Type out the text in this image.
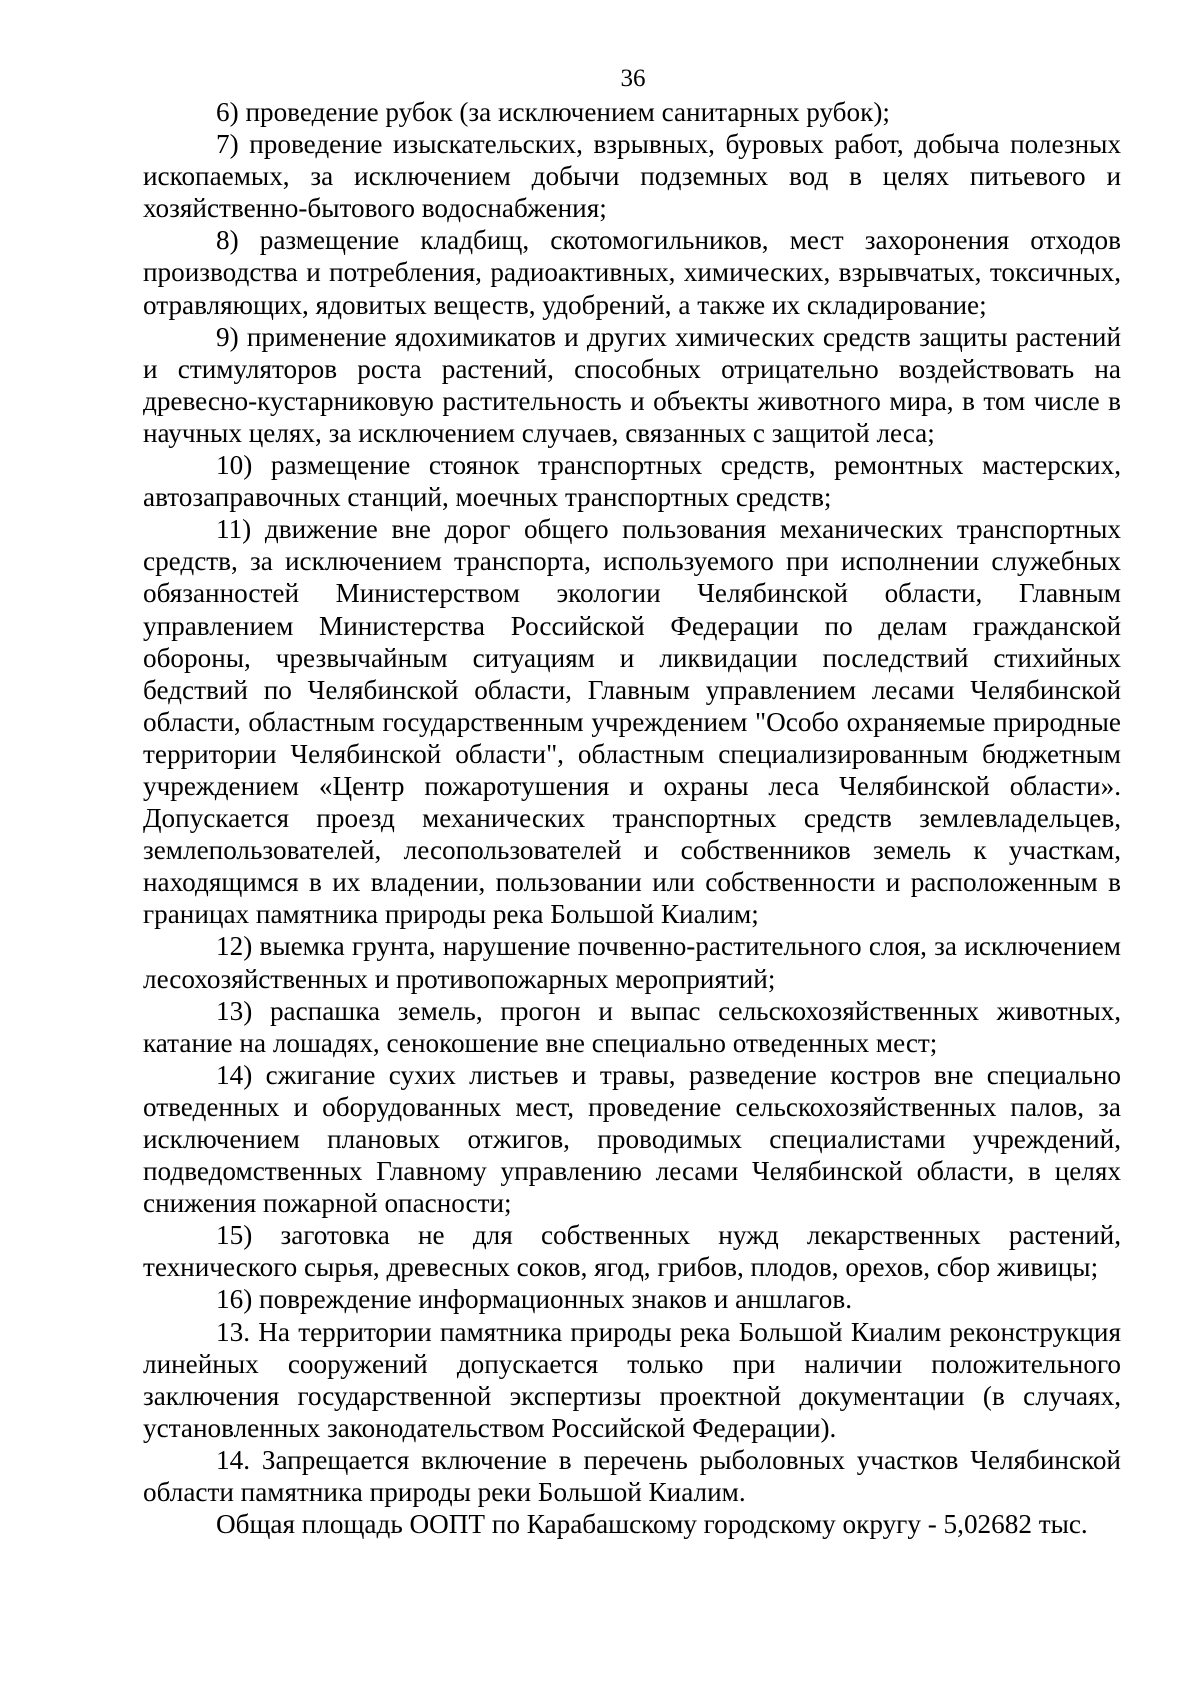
36

6) проведение рубок (за исключением санитарных рубок);

7) проведение изыскательских, взрывных, буровых работ, добыча полезных ископаемых, за исключением добычи подземных вод в целях питьевого и хозяйственно-бытового водоснабжения;

8) размещение кладбищ, скотомогильников, мест захоронения отходов производства и потребления, радиоактивных, химических, взрывчатых, токсичных, отравляющих, ядовитых веществ, удобрений, а также их складирование;

9) применение ядохимикатов и других химических средств защиты растений и стимуляторов роста растений, способных отрицательно воздействовать на древесно-кустарниковую растительность и объекты животного мира, в том числе в научных целях, за исключением случаев, связанных с защитой леса;

10) размещение стоянок транспортных средств, ремонтных мастерских, автозаправочных станций, моечных транспортных средств;

11) движение вне дорог общего пользования механических транспортных средств, за исключением транспорта, используемого при исполнении служебных обязанностей Министерством экологии Челябинской области, Главным управлением Министерства Российской Федерации по делам гражданской обороны, чрезвычайным ситуациям и ликвидации последствий стихийных бедствий по Челябинской области, Главным управлением лесами Челябинской области, областным государственным учреждением "Особо охраняемые природные территории Челябинской области", областным специализированным бюджетным учреждением «Центр пожаротушения и охраны леса Челябинской области». Допускается проезд механических транспортных средств землевладельцев, землепользователей, лесопользователей и собственников земель к участкам, находящимся в их владении, пользовании или собственности и расположенным в границах памятника природы река Большой Киалим;

12) выемка грунта, нарушение почвенно-растительного слоя, за исключением лесохозяйственных и противопожарных мероприятий;

13) распашка земель, прогон и выпас сельскохозяйственных животных, катание на лошадях, сенокошение вне специально отведенных мест;

14) сжигание сухих листьев и травы, разведение костров вне специально отведенных и оборудованных мест, проведение сельскохозяйственных палов, за исключением плановых отжигов, проводимых специалистами учреждений, подведомственных Главному управлению лесами Челябинской области, в целях снижения пожарной опасности;

15) заготовка не для собственных нужд лекарственных растений, технического сырья, древесных соков, ягод, грибов, плодов, орехов, сбор живицы;

16) повреждение информационных знаков и аншлагов.

13. На территории памятника природы река Большой Киалим реконструкция линейных сооружений допускается только при наличии положительного заключения государственной экспертизы проектной документации (в случаях, установленных законодательством Российской Федерации).

14. Запрещается включение в перечень рыболовных участков Челябинской области памятника природы реки Большой Киалим.

Общая площадь ООПТ по Карабашскому городскому округу - 5,02682 тыс.
